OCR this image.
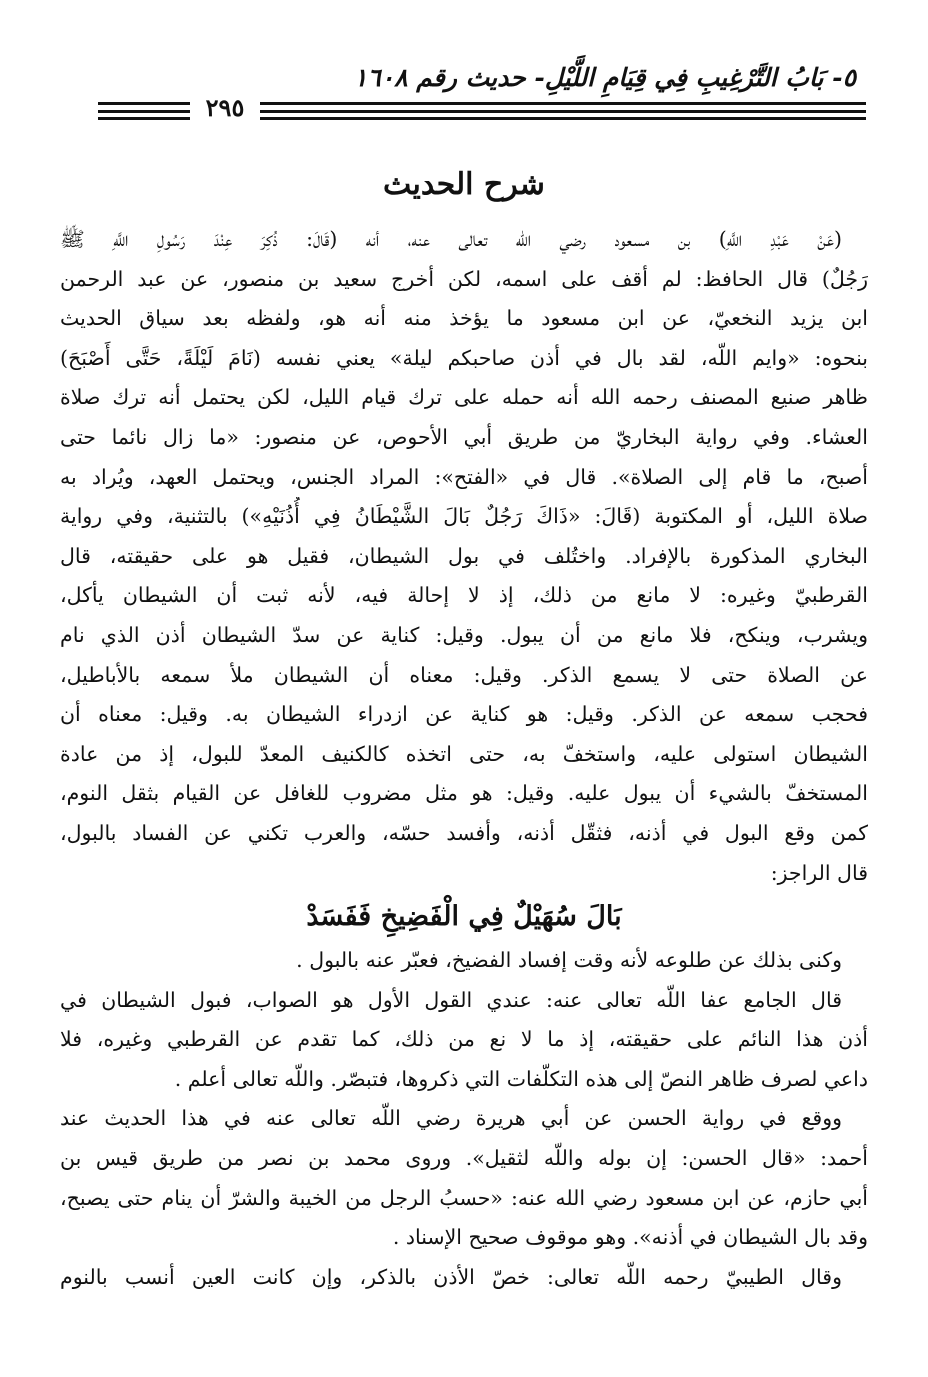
٥- بَابُ التَّرْغِيبِ فِي قِيَامِ اللَّيْلِ- حديث رقم ١٦٠٨
٢٩٥
شرح الحديث
(عَنْ عَبْدِ اللَّهِ) بن مسعود رضي اللّه تعالى عنه، أنه (قَالَ: ذُكِرَ عِنْدَ رَسُولِ اللَّهِ ﷺ
رَجُلٌ) قال الحافظ: لم أقف على اسمه، لكن أخرج سعيد بن منصور، عن عبد الرحمن
ابن يزيد النخعيّ، عن ابن مسعود ما يؤخذ منه أنه هو، ولفظه بعد سياق الحديث
بنحوه: «وايم اللّه، لقد بال في أذن صاحبكم ليلة» يعني نفسه (نَامَ لَيْلَةً، حَتَّى أَصْبَحَ)
ظاهر صنيع المصنف رحمه الله أنه حمله على ترك قيام الليل، لكن يحتمل أنه ترك صلاة
العشاء. وفي رواية البخاريّ من طريق أبي الأحوص، عن منصور: «ما زال نائما حتى
أصبح، ما قام إلى الصلاة». قال في «الفتح»: المراد الجنس، ويحتمل العهد، ويُراد به
صلاة الليل، أو المكتوبة (قَالَ: «ذَاكَ رَجُلٌ بَالَ الشَّيْطَانُ فِي أُذُنَيْهِ») بالتثنية، وفي رواية
البخاري المذكورة بالإفراد. واختُلف في بول الشيطان، فقيل هو على حقيقته، قال
القرطبيّ وغيره: لا مانع من ذلك، إذ لا إحالة فيه، لأنه ثبت أن الشيطان يأكل،
ويشرب، وينكح، فلا مانع من أن يبول. وقيل: كناية عن سدّ الشيطان أذن الذي نام
عن الصلاة حتى لا يسمع الذكر. وقيل: معناه أن الشيطان ملأ سمعه بالأباطيل،
فحجب سمعه عن الذكر. وقيل: هو كناية عن ازدراء الشيطان به. وقيل: معناه أن
الشيطان استولى عليه، واستخفّ به، حتى اتخذه كالكنيف المعدّ للبول، إذ من عادة
المستخفّ بالشيء أن يبول عليه. وقيل: هو مثل مضروب للغافل عن القيام بثقل النوم،
كمن وقع البول في أذنه، فثقّل أذنه، وأفسد حسّه، والعرب تكني عن الفساد بالبول،
قال الراجز:
بَالَ سُهَيْلٌ فِي الْفَضِيخِ فَفَسَدْ
وكنى بذلك عن طلوعه لأنه وقت إفساد الفضيخ، فعبّر عنه بالبول .
قال الجامع عفا اللّه تعالى عنه: عندي القول الأول هو الصواب، فبول الشيطان في
أذن هذا النائم على حقيقته، إذ ما لا نع من ذلك، كما تقدم عن القرطبي وغيره، فلا
داعي لصرف ظاهر النصّ إلى هذه التكلّفات التي ذكروها، فتبصّر. واللّه تعالى أعلم .
ووقع في رواية الحسن عن أبي هريرة رضي اللّه تعالى عنه في هذا الحديث عند
أحمد: «قال الحسن: إن بوله واللّه لثقيل». وروى محمد بن نصر من طريق قيس بن
أبي حازم، عن ابن مسعود رضي الله عنه: «حسبُ الرجل من الخيبة والشرّ أن ينام حتى يصبح،
وقد بال الشيطان في أذنه». وهو موقوف صحيح الإسناد .
وقال الطيبيّ رحمه اللّه تعالى: خصّ الأذن بالذكر، وإن كانت العين أنسب بالنوم
